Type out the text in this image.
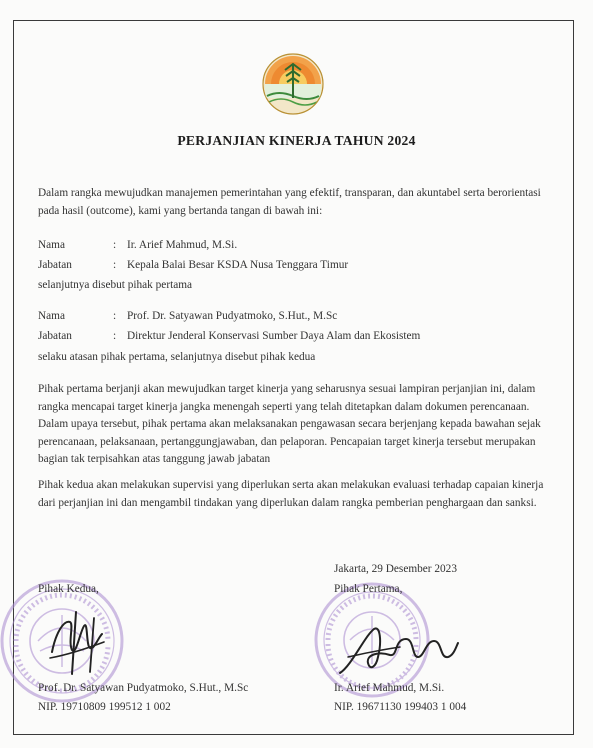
PERJANJIAN KINERJA TAHUN 2024
Dalam rangka mewujudkan manajemen pemerintahan yang efektif, transparan, dan akuntabel serta berorientasi pada hasil (outcome), kami yang bertanda tangan di bawah ini:
Nama	: Ir. Arief Mahmud, M.Si.
Jabatan	: Kepala Balai Besar KSDA Nusa Tenggara Timur
selanjutnya disebut pihak pertama
Nama	: Prof. Dr. Satyawan Pudyatmoko, S.Hut., M.Sc
Jabatan	: Direktur Jenderal Konservasi Sumber Daya Alam dan Ekosistem
selaku atasan pihak pertama, selanjutnya disebut pihak kedua
Pihak pertama berjanji akan mewujudkan target kinerja yang seharusnya sesuai lampiran perjanjian ini, dalam rangka mencapai target kinerja jangka menengah seperti yang telah ditetapkan dalam dokumen perencanaan. Dalam upaya tersebut, pihak pertama akan melaksanakan pengawasan secara berjenjang kepada bawahan sejak perencanaan, pelaksanaan, pertanggungjawaban, dan pelaporan. Pencapaian target kinerja tersebut merupakan bagian tak terpisahkan atas tanggung jawab jabatan
Pihak kedua akan melakukan supervisi yang diperlukan serta akan melakukan evaluasi terhadap capaian kinerja dari perjanjian ini dan mengambil tindakan yang diperlukan dalam rangka pemberian penghargaan dan sanksi.
Pihak Kedua,
Jakarta, 29 Desember 2023
Pihak Pertama,
Prof. Dr. Satyawan Pudyatmoko, S.Hut., M.Sc
NIP. 19710809 199512 1 002
Ir. Arief Mahmud, M.Si.
NIP. 19671130 199403 1 004
